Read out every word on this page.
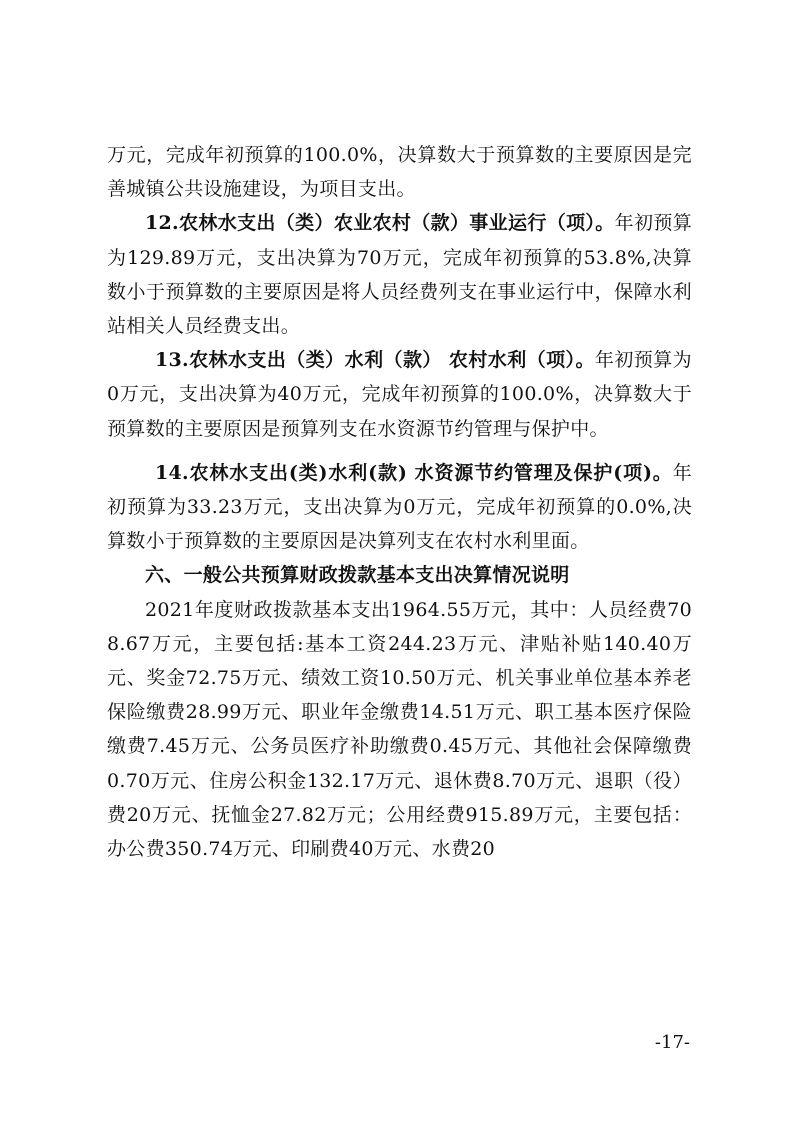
万元，完成年初预算的100.0%，决算数大于预算数的主要原因是完善城镇公共设施建设，为项目支出。

12.农林水支出（类）农业农村（款）事业运行（项）。年初预算为129.89万元，支出决算为70万元，完成年初预算的53.8%,决算数小于预算数的主要原因是将人员经费列支在事业运行中，保障水利站相关人员经费支出。

13.农林水支出（类）水利（款） 农村水利（项）。年初预算为0万元，支出决算为40万元，完成年初预算的100.0%，决算数大于预算数的主要原因是预算列支在水资源节约管理与保护中。

14.农林水支出(类)水利(款) 水资源节约管理及保护(项)。年初预算为33.23万元，支出决算为0万元，完成年初预算的0.0%,决算数小于预算数的主要原因是决算列支在农村水利里面。

六、一般公共预算财政拨款基本支出决算情况说明

2021年度财政拨款基本支出1964.55万元，其中：人员经费708.67万元，主要包括:基本工资244.23万元、津贴补贴140.40万元、奖金72.75万元、绩效工资10.50万元、机关事业单位基本养老保险缴费28.99万元、职业年金缴费14.51万元、职工基本医疗保险缴费7.45万元、公务员医疗补助缴费0.45万元、其他社会保障缴费0.70万元、住房公积金132.17万元、退休费8.70万元、退职（役）费20万元、抚恤金27.82万元；公用经费915.89万元，主要包括：办公费350.74万元、印刷费40万元、水费20

-17-
